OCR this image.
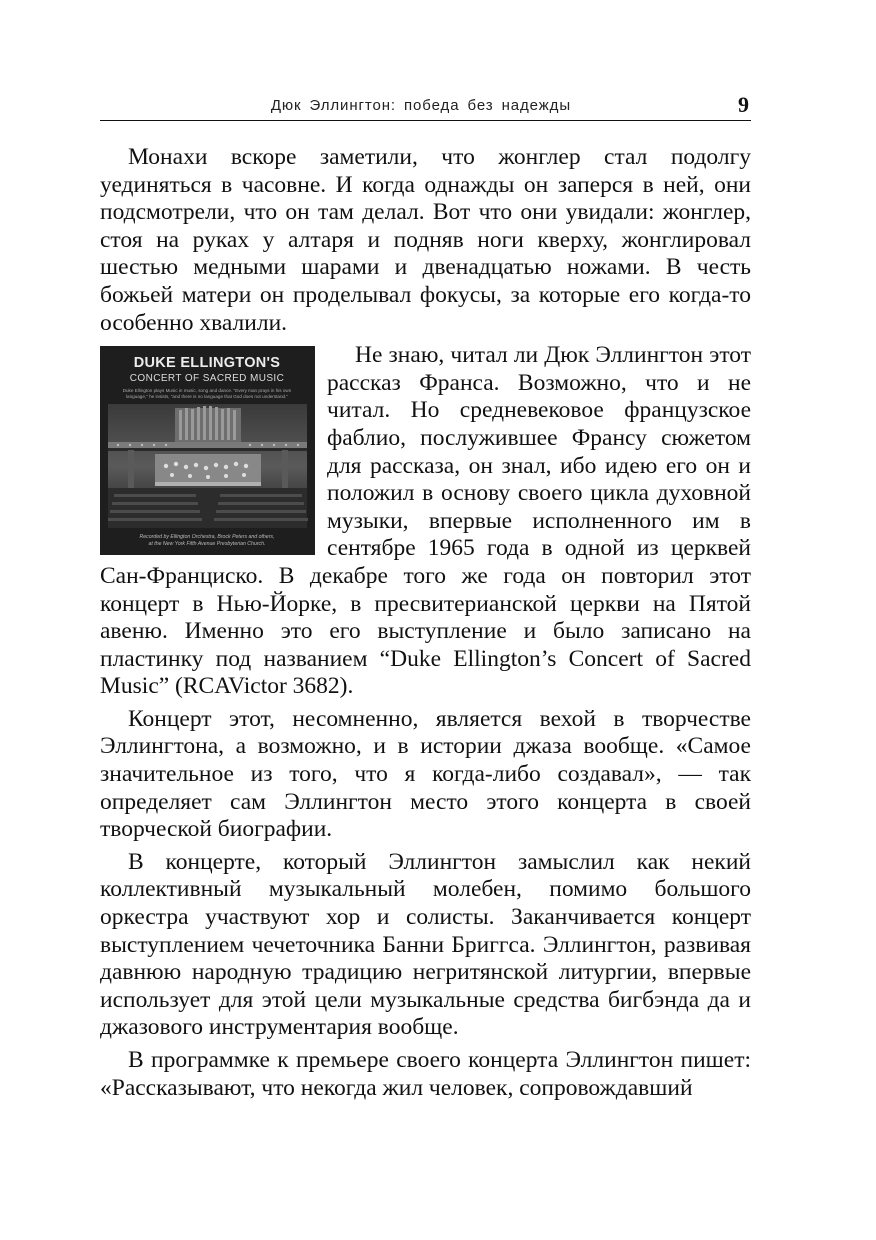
Дюк Эллингтон: победа без надежды	9

Монахи вскоре заметили, что жонглер стал подолгу уединяться в часовне. И когда однажды он заперся в ней, они подсмотрели, что он там делал. Вот что они увидали: жонглер, стоя на руках у алтаря и подняв ноги кверху, жонглировал шестью медными шарами и двенадцатью ножами. В честь божьей матери он проделывал фокусы, за которые его когда-то особенно хвалили.

DUKE ELLINGTON'S
CONCERT OF SACRED MUSIC
Duke Ellington plays Music in music, song and dance. "Every man prays in his own
language," he insists, "and there is no language that God does not understand."
Recorded by Ellington Orchestra, Brock Peters and others,
at the New York Fifth Avenue Presbyterian Church.
Не знаю, читал ли Дюк Эллингтон этот рассказ Франса. Возможно, что и не читал. Но средневековое французское фаблио, послужившее Франсу сюжетом для рассказа, он знал, ибо идею его он и положил в основу своего цикла духовной музыки, впервые исполненного им в сентябре 1965 года в одной из церквей Сан-Франциско. В декабре того же года он повторил этот концерт в Нью-Йорке, в пресвитерианской церкви на Пятой авеню. Именно это его выступление и было записано на пластинку под названием “Duke Ellington’s Concert of Sacred Music” (RCAVictor 3682).

Концерт этот, несомненно, является вехой в творчестве Эллингтона, а возможно, и в истории джаза вообще. «Самое значительное из того, что я когда-либо создавал», — так определяет сам Эллингтон место этого концерта в своей творческой биографии.

В концерте, который Эллингтон замыслил как некий коллективный музыкальный молебен, помимо большого оркестра участвуют хор и солисты. Заканчивается концерт выступлением чечеточника Банни Бриггса. Эллингтон, развивая давнюю народную традицию негритянской литургии, впервые использует для этой цели музыкальные средства бигбэнда да и джазового инструментария вообще.

В программке к премьере своего концерта Эллингтон пишет: «Рассказывают, что некогда жил человек, сопровождавший
